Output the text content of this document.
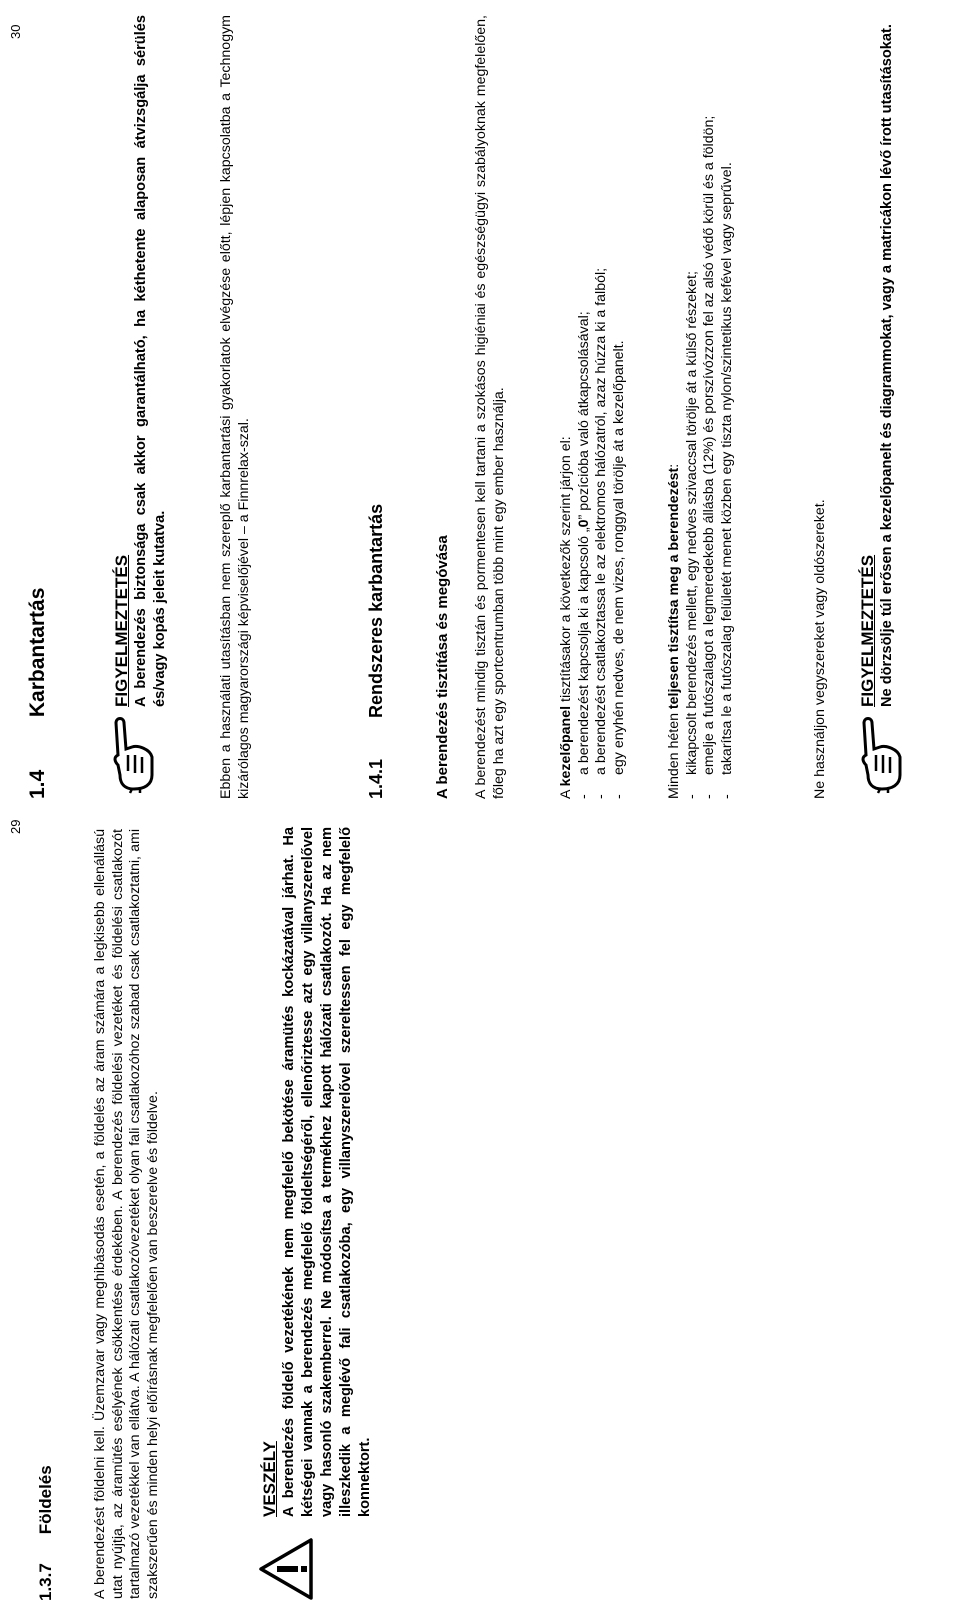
29
1.3.7 Földelés	A berendezést földelni kell. Üzemzavar vagy meghibásodás esetén, a földelés az áram számára a legkisebb ellenállású utat nyújtja, az áramütés esélyének csökkentése érdekében. A berendezés földelési vezetéket és földelési csatlakozót tartalmazó vezetékkel van ellátva. A hálózati csatlakozóvezetéket olyan fali csatlakozóhoz szabad csak csatlakoztatni, ami szakszerűen és minden helyi előírásnak megfelelően van beszerelve és földelve.	VESZÉLY A berendezés földelő vezetékének nem megfelelő bekötése áramütés kockázatával járhat. Ha kétségei vannak a berendezés megfelelő földeltségéről, ellenőriztesse azt egy villanyszerelővel vagy hasonló szakemberrel. Ne módosítsa a termékhez kapott hálózati csatlakozót. Ha az nem illeszkedik a meglévő fali csatlakozóba, egy villanyszerelővel szereltessen fel egy megfelelő konnektort.
30
1.4 Karbantartás	FIGYELMEZTETÉS A berendezés biztonsága csak akkor garantálható, ha kéthetente alaposan átvizsgálja sérülés és/vagy kopás jeleit kutatva.	Ebben a használati utasításban nem szereplő karbantartási gyakorlatok elvégzése előtt, lépjen kapcsolatba a Technogym kizárólagos magyarországi képviselőjével – a Finnrelax-szal.	1.4.1 Rendszeres karbantartás	A berendezés tisztítása és megóvása A berendezést mindig tisztán és pormentesen kell tartani a szokásos higiéniai és egészségügyi szabályoknak megfelelően, főleg ha azt egy sportcentrumban több mint egy ember használja.	A kezelőpanel tisztításakor a következők szerint járjon el: - a berendezést kapcsolja ki a kapcsoló „0” pozícióba való átkapcsolásával; - a berendezést csatlakoztassa le az elektromos hálózatról, azaz húzza ki a falból; - egy enyhén nedves, de nem vizes, ronggyal törölje át a kezelőpanelt.	Minden héten teljesen tisztítsa meg a berendezést: - kikapcsolt berendezés mellett, egy nedves szivaccsal törölje át a külső részeket; - emelje a futószalagot a legmeredekebb állásba (12%) és porszívózzon fel az alsó védő körül és a földön; - takarítsa le a futószalag felületét menet közben egy tiszta nylon/szintetikus kefével vagy seprűvel.	Ne használjon vegyszereket vagy oldószereket. FIGYELMEZTETÉS Ne dörzsölje túl erősen a kezelőpanelt és diagrammokat, vagy a matricákon lévő írott utasításokat.
